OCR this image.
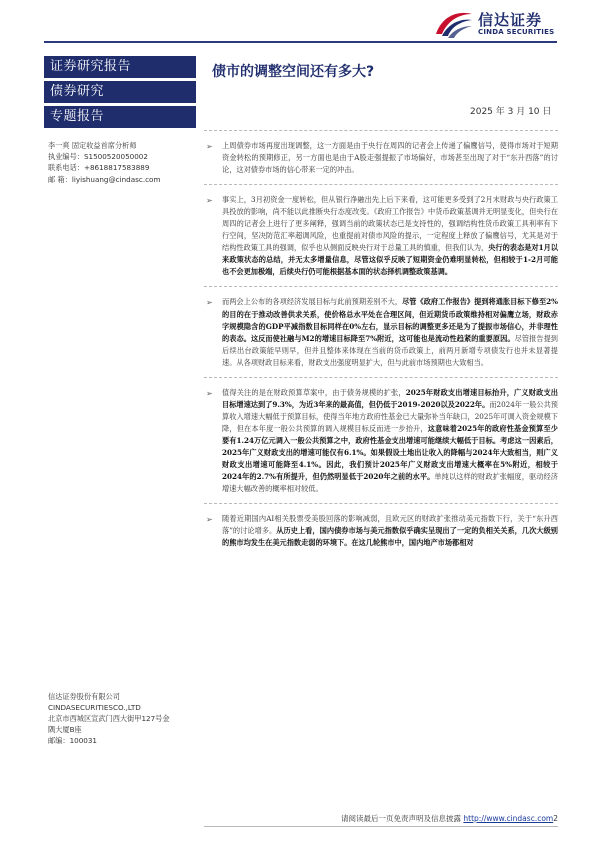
信达证券
CINDA SECURITIES
证券研究报告
债券研究
专题报告
李一爽 固定收益首席分析师
执业编号：S1500520050002
联系电话：+8618817583889
邮 箱：liyishuang@cindasc.com
债市的调整空间还有多大?
2025 年 3 月 10 日
➢ 上周债券市场再度出现调整，这一方面是由于央行在周四的记者会上传递了偏鹰信号，使得市场对于短期资金转松的预期修正，另一方面也是由于A股走强提振了市场偏好，市场甚至出现了对于“东升西落”的讨论，这对债券市场的信心带来一定的冲击。
➢ 事实上，3月初资金一度转松，但从银行净融出先上后下来看，这可能更多受到了2月末财政与央行政策工具投放的影响，尚不能以此推断央行态度改变。《政府工作报告》中货币政策基调并无明显变化，但央行在周四的记者会上进行了更多阐释，强调当前的政策状态已是支持性的，强调结构性货币政策工具利率有下行空间，坚决防范汇率超调风险，也重提前对债市风险的提示，一定程度上释放了偏鹰信号，尤其是对于结构性政策工具的强调，似乎也从侧面反映央行对于总量工具的慎重，但我们认为，央行的表态是对1月以来政策状态的总结，并无太多增量信息，尽管这似乎反映了短期资金仍难明显转松，但相较于1-2月可能也不会更加极端，后续央行仍可能根据基本面的状态择机调整政策基调。
➢ 而两会上公布的各项经济发展目标与此前预期差别不大，尽管《政府工作报告》提到将通胀目标下修至2%的目的在于推动改善供求关系，使价格总水平处在合理区间，但近期货币政策维持相对偏鹰立场，财政赤字规模隐含的GDP平减指数目标同样在0%左右，显示目标的调整更多还是为了提振市场信心，并非理性的表态。这反而使社融与M2的增速目标降至7%附近，这可能也是流动性趋紧的重要原因。尽管报告提到后续出台政策能早则早，但并且整体来体现在当前的货币政策上，前两月新增专项债发行也并未显著提速。从各项财政目标来看，财政支出强度明显扩大，但与此前市场预期也大致相当。
➢ 值得关注的是在财政预算草案中，由于债务规模的扩张，2025年财政支出增速目标抬升，广义财政支出目标增速达到了9.3%，为近3年来的最高值，但仍低于2019-2020以及2022年。而2024年一般公共预算收入增速大幅低于预算目标，使得当年地方政府性基金已大量弥补当年缺口，2025年可调入资金规模下降，但在本年度一般公共预算的调入规模目标反而进一步抬升，这意味着2025年的政府性基金预算至少要有1.24万亿元调入一般公共预算之中，政府性基金支出增速可能继续大幅低于目标。考虑这一因素后，2025年广义财政支出的增速可能仅有6.1%。如果假设土地出让收入的降幅与2024年大致相当，则广义财政支出增速可能降至4.1%。因此，我们预计2025年广义财政支出增速大概率在5%附近，相较于2024年的2.7%有所提升，但仍然明显低于2020年之前的水平。单纯以这样的财政扩张幅度，驱动经济增速大幅改善的概率相对较低。
➢ 随着近期国内AI相关股票受美股回落的影响减弱，且欧元区的财政扩张推动美元指数下行，关于“东升西落”的讨论增多。从历史上看，国内债券市场与美元指数似乎确实呈现出了一定的负相关关系，几次大级别的熊市均发生在美元指数走弱的环境下。在这几轮熊市中，国内地产市场都相对
信达证券股份有限公司
CINDASECURITIESCO.,LTD
北京市西城区宣武门西大街甲127号金
隅大厦B座
邮编：100031
请阅读最后一页免责声明及信息披露 http://www.cindasc.com2
